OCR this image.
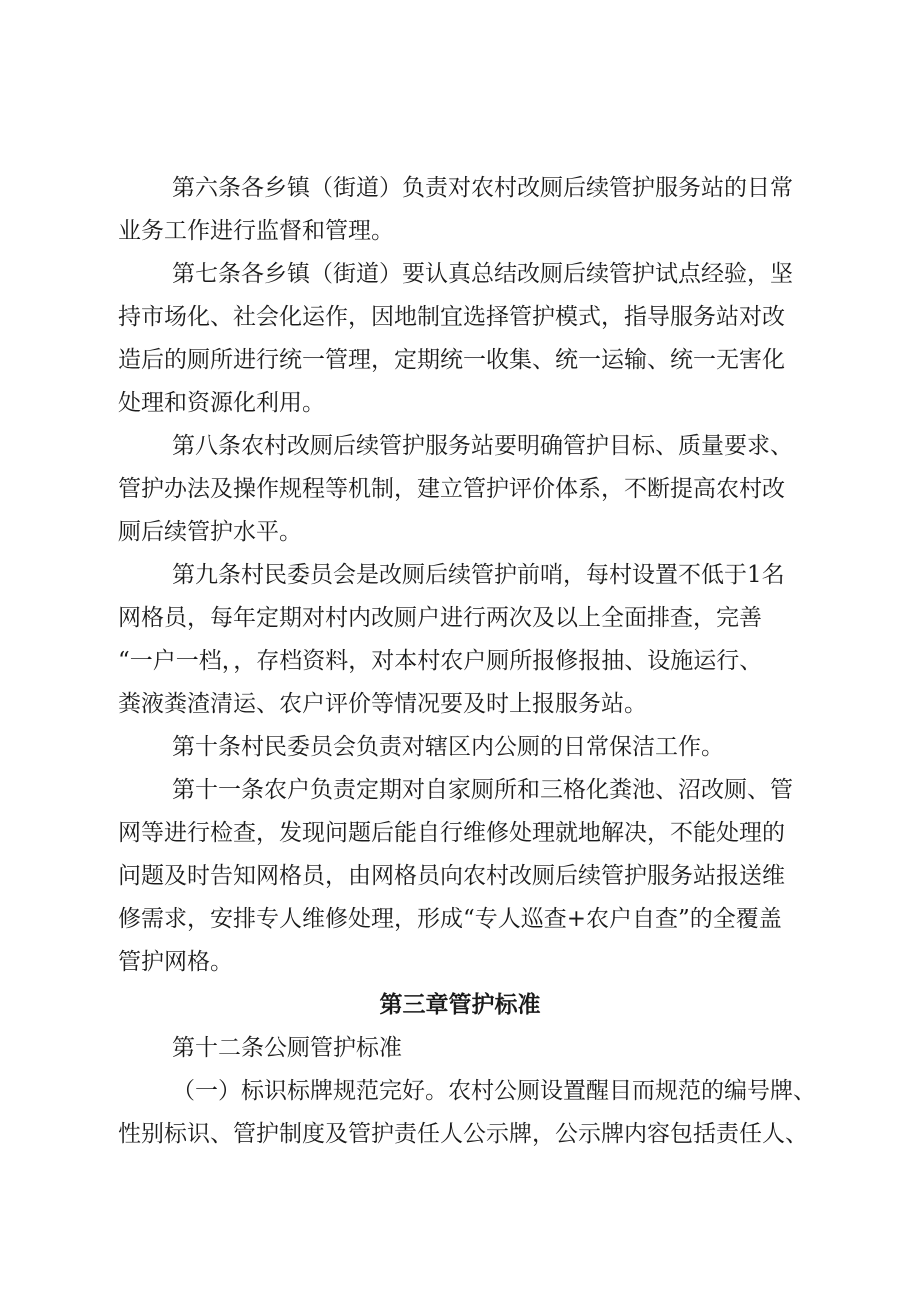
第六条各乡镇（街道）负责对农村改厕后续管护服务站的日常
业务工作进行监督和管理。
第七条各乡镇（街道）要认真总结改厕后续管护试点经验，坚
持市场化、社会化运作，因地制宜选择管护模式，指导服务站对改
造后的厕所进行统一管理，定期统一收集、统一运输、统一无害化
处理和资源化利用。
第八条农村改厕后续管护服务站要明确管护目标、质量要求、
管护办法及操作规程等机制，建立管护评价体系，不断提高农村改
厕后续管护水平。
第九条村民委员会是改厕后续管护前哨，每村设置不低于1名
网格员，每年定期对村内改厕户进行两次及以上全面排查，完善
“一户一档，，存档资料，对本村农户厕所报修报抽、设施运行、
粪液粪渣清运、农户评价等情况要及时上报服务站。
第十条村民委员会负责对辖区内公厕的日常保洁工作。
第十一条农户负责定期对自家厕所和三格化粪池、沼改厕、管
网等进行检查，发现问题后能自行维修处理就地解决，不能处理的
问题及时告知网格员，由网格员向农村改厕后续管护服务站报送维
修需求，安排专人维修处理，形成“专人巡查+农户自查”的全覆盖
管护网格。
第三章管护标准
第十二条公厕管护标准
（一）标识标牌规范完好。农村公厕设置醒目而规范的编号牌、
性别标识、管护制度及管护责任人公示牌，公示牌内容包括责任人、
